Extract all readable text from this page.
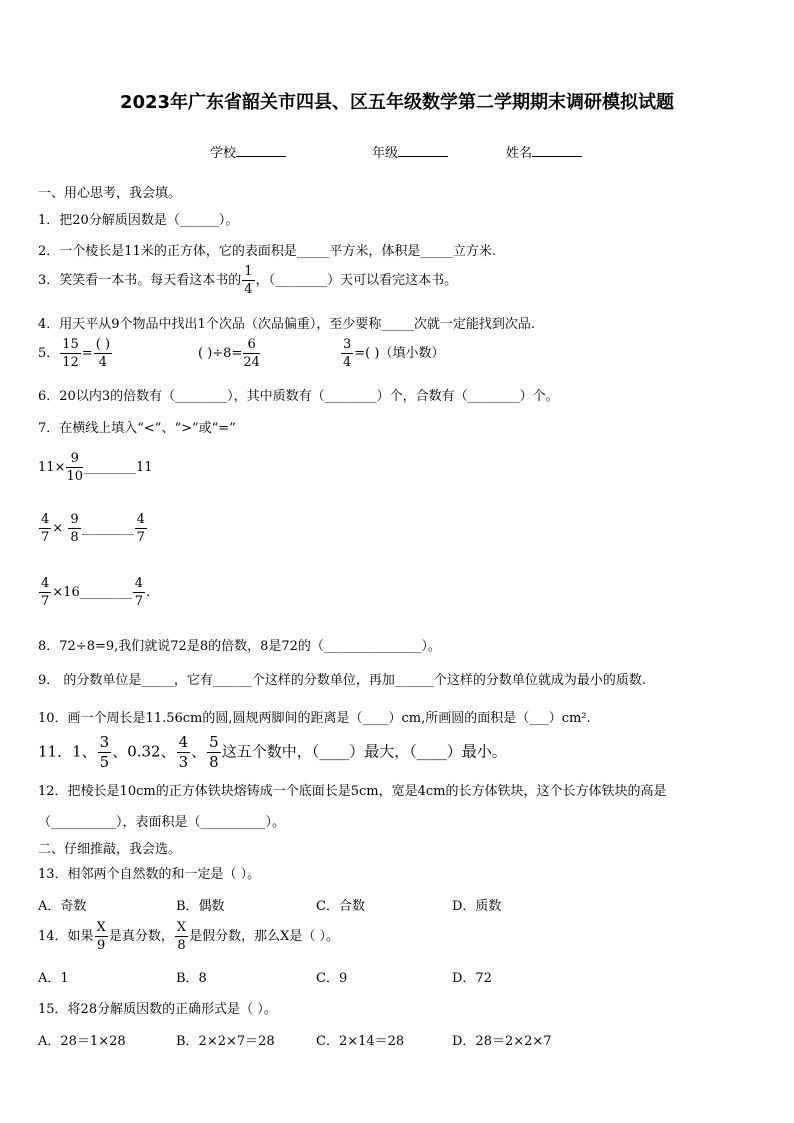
2023年广东省韶关市四县、区五年级数学第二学期期末调研模拟试题
学校	年级	姓名
一、用心思考，我会填。
1．把20分解质因数是（______）。
2．一个棱长是11米的正方体，它的表面积是_____平方米，体积是_____立方米.
3．笑笑看一本书。每天看这本书的 $\frac{1}{4}$ ，（________）天可以看完这本书。
4．用天平从9个物品中找出1个次品（次品偏重），至少要称_____次就一定能找到次品.
5． $\frac{15}{12} = \frac{( )}{4}$	( )$\div 8= \frac{6}{24}$	$\frac{3}{4}$ =( )（填小数）
6．20以内3的倍数有（________），其中质数有（________）个，合数有（________）个。
7．在横线上填入“<”、“>”或“=”
$11\times \frac{9}{10}$ ________11
$\frac{4}{7} \times \frac{9}{8}$ ________ $\frac{4}{7}$
$\frac{4}{7}$ ×16________ $\frac{4}{7}$ .
8．72÷8=9,我们就说72是8的倍数，8是72的（_______________）。
9． 的分数单位是_____，它有______个这样的分数单位，再加______个这样的分数单位就成为最小的质数.
10．画一个周长是11.56cm的圆,圆规两脚间的距离是（____）cm,所画圆的面积是（___）cm².
11．1、 $\frac{3}{5}$ 、0.32、 $\frac{4}{3}$ 、 $\frac{5}{8}$ 这五个数中，（____）最大，（____）最小。
12．把棱长是10cm的正方体铁块熔铸成一个底面长是5cm，宽是4cm的长方体铁块，这个长方体铁块的高是
（__________），表面积是（__________）。
二、仔细推敲，我会选。
13．相邻两个自然数的和一定是（ ）。
A．奇数	B．偶数	C．合数	D．质数
14．如果 $\frac{X}{9}$ 是真分数， $\frac{X}{8}$ 是假分数，那么X是（ ）。
A．1	B．8	C．9	D．72
15．将28分解质因数的正确形式是（ ）。
A．28＝1×28	B．2×2×7＝28	C．2×14＝28	D．28＝2×2×7
